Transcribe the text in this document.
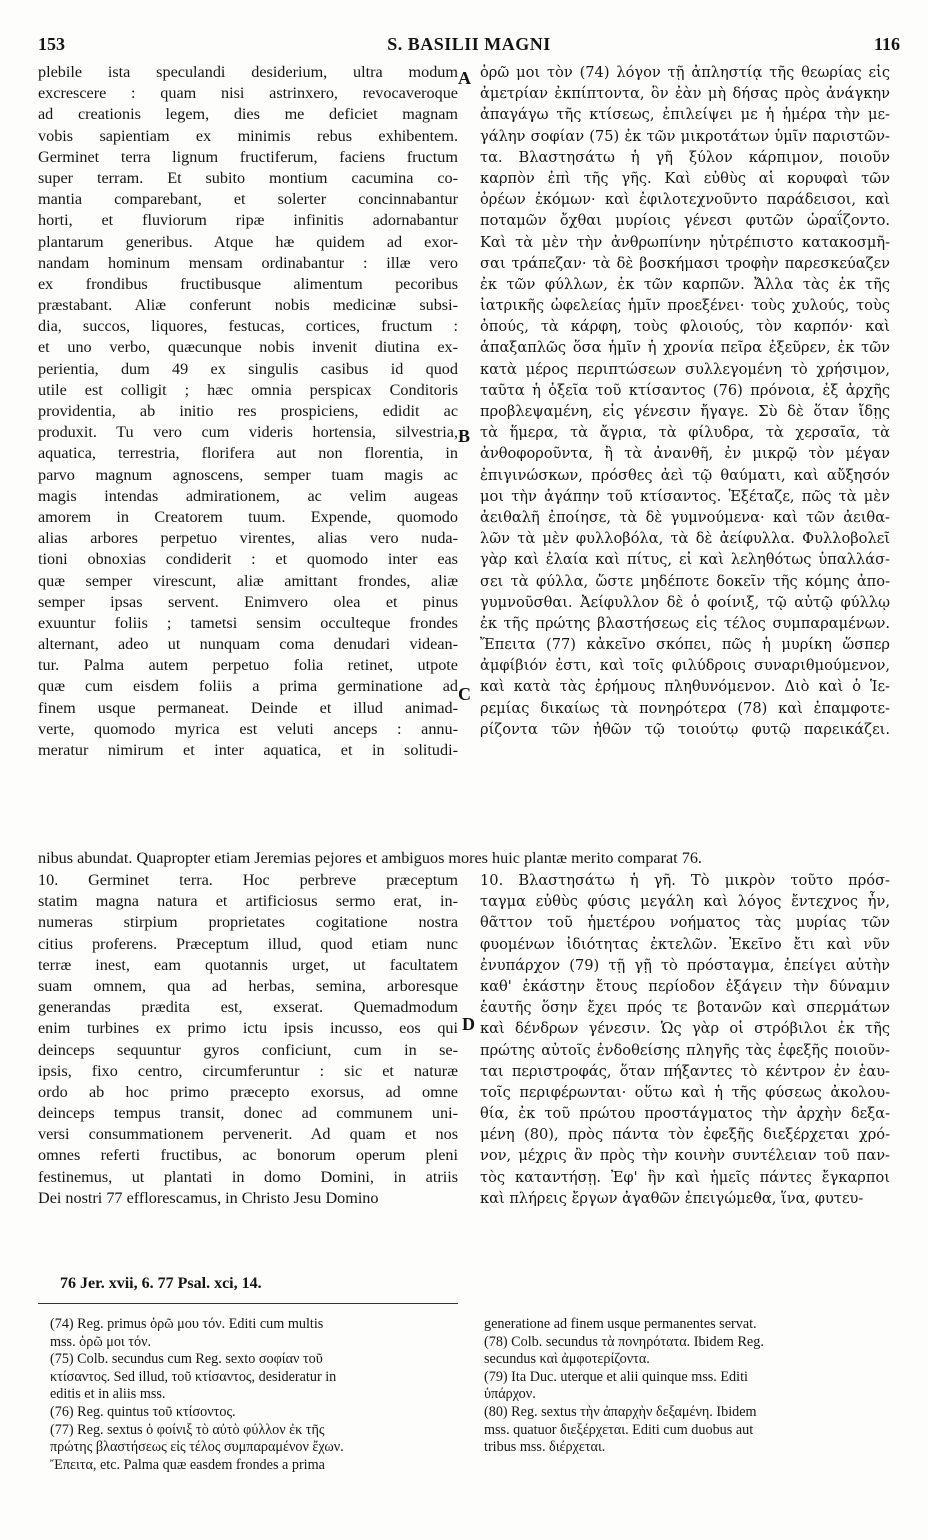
153	S. BASILII MAGNI	116
plebile ista speculandi desiderium, ultra modum
excrescere : quam nisi astrinxero, revocaveroque
ad creationis legem, dies me deficiet magnam
vobis sapientiam ex minimis rebus exhibentem.
Germinet terra lignum fructiferum, faciens fructum
super terram. Et subito montium cacumina co-
mantia comparebant, et solerter concinnabantur
horti, et fluviorum ripæ infinitis adornabantur
plantarum generibus. Atque hæ quidem ad exor-
nandam hominum mensam ordinabantur : illæ vero
ex frondibus fructibusque alimentum pecoribus
præstabant. Aliæ conferunt nobis medicinæ subsi-
dia, succos, liquores, festucas, cortices, fructum :
et uno verbo, quæcunque nobis invenit diutina ex-
perientia, dum 49 ex singulis casibus id quod
utile est colligit ; hæc omnia perspicax Conditoris
providentia, ab initio res prospiciens, edidit ac
produxit. Tu vero cum videris hortensia, silvestria,
aquatica, terrestria, florifera aut non florentia, in
parvo magnum agnoscens, semper tuam magis ac
magis intendas admirationem, ac velim augeas
amorem in Creatorem tuum. Expende, quomodo
alias arbores perpetuo virentes, alias vero nuda-
tioni obnoxias condiderit : et quomodo inter eas
quæ semper virescunt, aliæ amittant frondes, aliæ
semper ipsas servent. Enimvero olea et pinus
exuuntur foliis ; tametsi sensim occulteque frondes
alternant, adeo ut nunquam coma denudari videan-
tur. Palma autem perpetuo folia retinet, utpote
quæ cum eisdem foliis a prima germinatione ad
finem usque permaneat. Deinde et illud animad-
verte, quomodo myrica est veluti anceps : annu-
meratur nimirum et inter aquatica, et in solitudi-
ὁρῶ μοι τὸν (74) λόγον τῇ ἀπληστίᾳ τῆς θεωρίας εἰς
ἀμετρίαν ἐκπίπτοντα, ὃν ἐὰν μὴ δήσας πρὸς ἀνάγκην
ἀπαγάγω τῆς κτίσεως, ἐπιλείψει με ἡ ἡμέρα τὴν με-
γάλην σοφίαν (75) ἐκ τῶν μικροτάτων ὑμῖν παριστῶν-
τα. Βλαστησάτω ἡ γῆ ξύλον κάρπιμον, ποιοῦν
καρπὸν ἐπὶ τῆς γῆς. Καὶ εὐθὺς αἱ κορυφαὶ τῶν
ὀρέων ἐκόμων· καὶ ἐφιλοτεχνοῦντο παράδεισοι, καὶ
ποταμῶν ὄχθαι μυρίοις γένεσι φυτῶν ὡραΐζοντο.
Καὶ τὰ μὲν τὴν ἀνθρωπίνην ηὐτρέπιστο κατακοσμῆ-
σαι τράπεζαν· τὰ δὲ βοσκήμασι τροφὴν παρεσκεύαζεν
ἐκ τῶν φύλλων, ἐκ τῶν καρπῶν. Ἄλλα τὰς ἐκ τῆς
ἰατρικῆς ὠφελείας ἡμῖν προεξένει· τοὺς χυλούς, τοὺς
ὀπούς, τὰ κάρφη, τοὺς φλοιούς, τὸν καρπόν· καὶ
ἁπαξαπλῶς ὅσα ἡμῖν ἡ χρονία πεῖρα ἐξεῦρεν, ἐκ τῶν
κατὰ μέρος περιπτώσεων συλλεγομένη τὸ χρήσιμον,
ταῦτα ἡ ὀξεῖα τοῦ κτίσαντος (76) πρόνοια, ἐξ ἀρχῆς
προβλεψαμένη, εἰς γένεσιν ἤγαγε. Σὺ δὲ ὅταν ἴδῃς
τὰ ἥμερα, τὰ ἄγρια, τὰ φίλυδρα, τὰ χερσαῖα, τὰ
ἀνθοφοροῦντα, ἢ τὰ ἀνανθῆ, ἐν μικρῷ τὸν μέγαν
ἐπιγινώσκων, πρόσθες ἀεὶ τῷ θαύματι, καὶ αὔξησόν
μοι τὴν ἀγάπην τοῦ κτίσαντος. Ἐξέταζε, πῶς τὰ μὲν
ἀειθαλῆ ἐποίησε, τὰ δὲ γυμνούμενα· καὶ τῶν ἀειθα-
λῶν τὰ μὲν φυλλοβόλα, τὰ δὲ ἀείφυλλα. Φυλλοβολεῖ
γὰρ καὶ ἐλαία καὶ πίτυς, εἰ καὶ λεληθότως ὑπαλλάσ-
σει τὰ φύλλα, ὥστε μηδέποτε δοκεῖν τῆς κόμης ἀπο-
γυμνοῦσθαι. Ἀείφυλλον δὲ ὁ φοίνιξ, τῷ αὐτῷ φύλλῳ
ἐκ τῆς πρώτης βλαστήσεως εἰς τέλος συμπαραμένων.
Ἔπειτα (77) κἀκεῖνο σκόπει, πῶς ἡ μυρίκη ὥσπερ
ἀμφίβιόν ἐστι, καὶ τοῖς φιλύδροις συναριθμούμενον,
καὶ κατὰ τὰς ἐρήμους πληθυνόμενον. Διὸ καὶ ὁ Ἱε-
ρεμίας δικαίως τὰ πονηρότερα (78) καὶ ἐπαμφοτε-
ρίζοντα τῶν ἠθῶν τῷ τοιούτῳ φυτῷ παρεικάζει.
A
B
C
D
nibus abundat. Quapropter etiam Jeremias pejores et ambiguos mores huic plantæ merito comparat 76.
10. Germinet terra. Hoc perbreve præceptum
statim magna natura et artificiosus sermo erat, in-
numeras stirpium proprietates cogitatione nostra
citius proferens. Præceptum illud, quod etiam nunc
terræ inest, eam quotannis urget, ut facultatem
suam omnem, qua ad herbas, semina, arboresque
generandas prædita est, exserat. Quemadmodum
enim turbines ex primo ictu ipsis incusso, eos qui
deinceps sequuntur gyros conficiunt, cum in se-
ipsis, fixo centro, circumferuntur : sic et naturæ
ordo ab hoc primo præcepto exorsus, ad omne
deinceps tempus transit, donec ad communem uni-
versi consummationem pervenerit. Ad quam et nos
omnes referti fructibus, ac bonorum operum pleni
festinemus, ut plantati in domo Domini, in atriis
Dei nostri 77 efflorescamus, in Christo Jesu Domino
10. Βλαστησάτω ἡ γῆ. Τὸ μικρὸν τοῦτο πρόσ-
ταγμα εὐθὺς φύσις μεγάλη καὶ λόγος ἔντεχνος ἦν,
θᾶττον τοῦ ἡμετέρου νοήματος τὰς μυρίας τῶν
φυομένων ἰδιότητας ἐκτελῶν. Ἐκεῖνο ἔτι καὶ νῦν
ἐνυπάρχον (79) τῇ γῇ τὸ πρόσταγμα, ἐπείγει αὐτὴν
καθ' ἑκάστην ἔτους περίοδον ἐξάγειν τὴν δύναμιν
ἑαυτῆς ὅσην ἔχει πρός τε βοτανῶν καὶ σπερμάτων
καὶ δένδρων γένεσιν. Ὡς γὰρ οἱ στρόβιλοι ἐκ τῆς
πρώτης αὐτοῖς ἐνδοθείσης πληγῆς τὰς ἐφεξῆς ποιοῦν-
ται περιστροφάς, ὅταν πήξαντες τὸ κέντρον ἐν ἑαυ-
τοῖς περιφέρωνται· οὕτω καὶ ἡ τῆς φύσεως ἀκολου-
θία, ἐκ τοῦ πρώτου προστάγματος τὴν ἀρχὴν δεξα-
μένη (80), πρὸς πάντα τὸν ἐφεξῆς διεξέρχεται χρό-
νον, μέχρις ἂν πρὸς τὴν κοινὴν συντέλειαν τοῦ παν-
τὸς καταντήσῃ. Ἐφ' ἣν καὶ ἡμεῖς πάντες ἔγκαρποι
καὶ πλήρεις ἔργων ἀγαθῶν ἐπειγώμεθα, ἵνα, φυτευ-
76 Jer. xvii, 6. 77 Psal. xci, 14.
(74) Reg. primus ὁρῶ μου τόν. Editi cum multis
mss. ὁρῶ μοι τόν.
(75) Colb. secundus cum Reg. sexto σοφίαν τοῦ
κτίσαντος. Sed illud, τοῦ κτίσαντος, desideratur in
editis et in aliis mss.
(76) Reg. quintus τοῦ κτίσοντος.
(77) Reg. sextus ὁ φοίνιξ τὸ αὐτὸ φύλλον ἐκ τῆς
πρώτης βλαστήσεως εἰς τέλος συμπαραμένον ἔχων.
Ἔπειτα, etc. Palma quæ easdem frondes a prima
generatione ad finem usque permanentes servat.
(78) Colb. secundus τὰ πονηρότατα. Ibidem Reg.
secundus καὶ ἀμφοτερίζοντα.
(79) Ita Duc. uterque et alii quinque mss. Editi
ὑπάρχον.
(80) Reg. sextus τὴν ἀπαρχὴν δεξαμένη. Ibidem
mss. quatuor διεξέρχεται. Editi cum duobus aut
tribus mss. διέρχεται.
